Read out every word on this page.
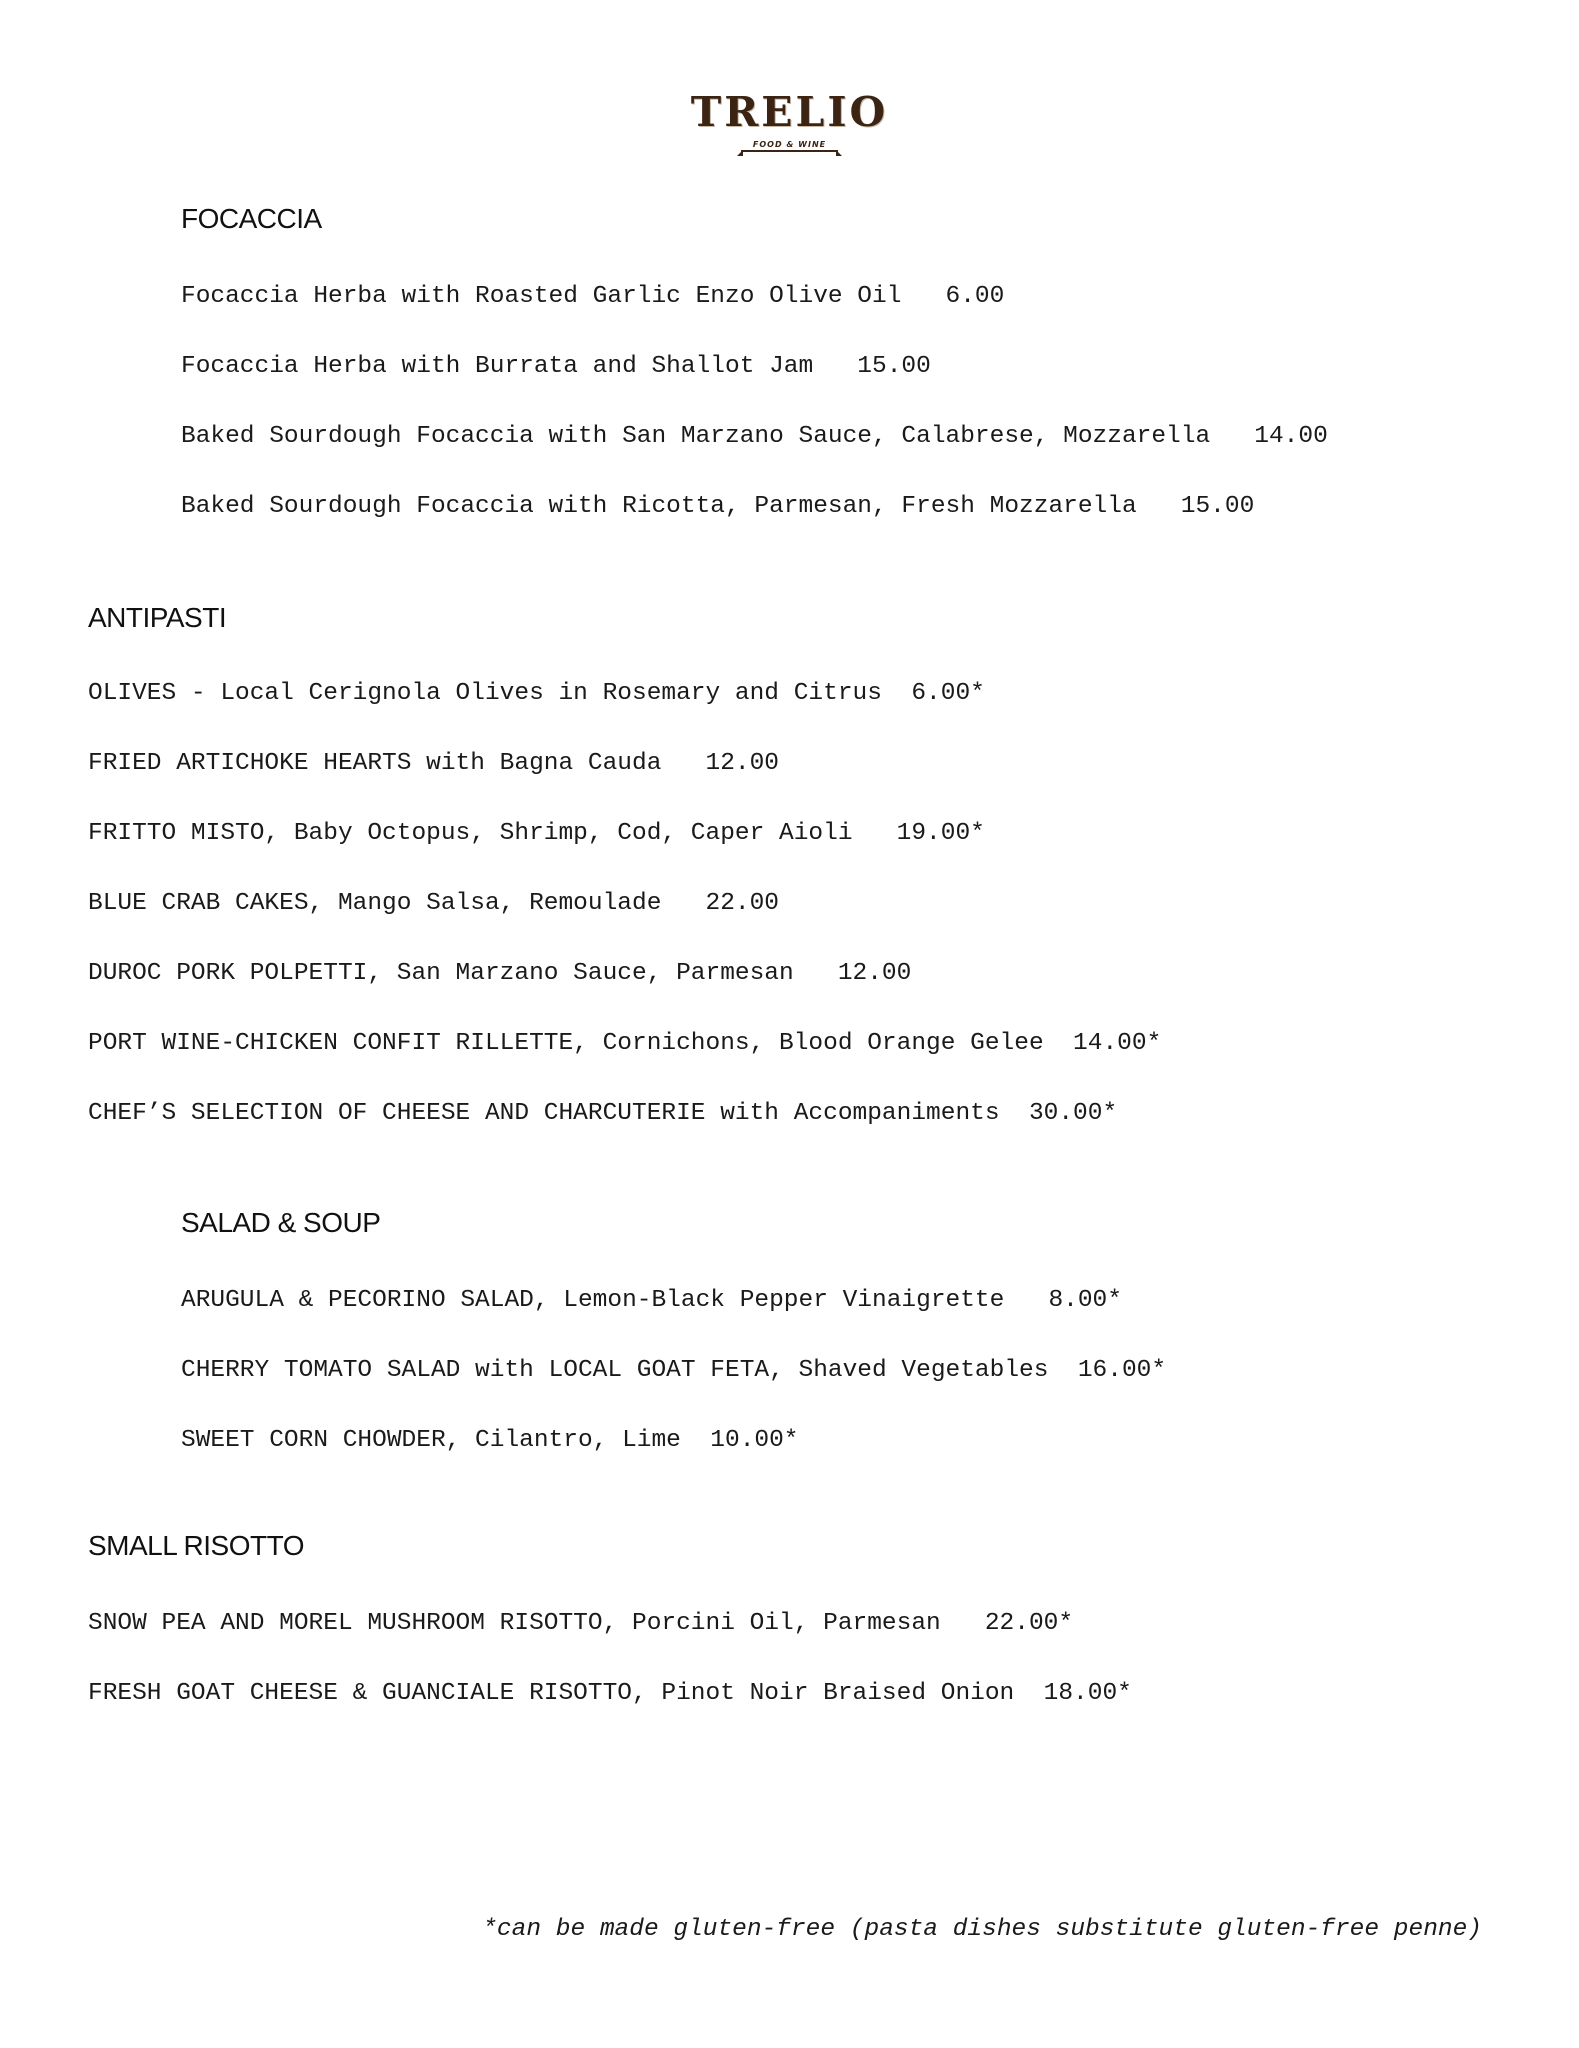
TRELIO
FOOD & WINE
FOCACCIA

Focaccia Herba with Roasted Garlic Enzo Olive Oil   6.00

Focaccia Herba with Burrata and Shallot Jam   15.00

Baked Sourdough Focaccia with San Marzano Sauce, Calabrese, Mozzarella   14.00

Baked Sourdough Focaccia with Ricotta, Parmesan, Fresh Mozzarella   15.00

ANTIPASTI

OLIVES - Local Cerignola Olives in Rosemary and Citrus  6.00*

FRIED ARTICHOKE HEARTS with Bagna Cauda   12.00

FRITTO MISTO, Baby Octopus, Shrimp, Cod, Caper Aioli   19.00*

BLUE CRAB CAKES, Mango Salsa, Remoulade   22.00

DUROC PORK POLPETTI, San Marzano Sauce, Parmesan   12.00

PORT WINE-CHICKEN CONFIT RILLETTE, Cornichons, Blood Orange Gelee  14.00*

CHEF’S SELECTION OF CHEESE AND CHARCUTERIE with Accompaniments  30.00*

SALAD & SOUP

ARUGULA & PECORINO SALAD, Lemon-Black Pepper Vinaigrette   8.00*

CHERRY TOMATO SALAD with LOCAL GOAT FETA, Shaved Vegetables  16.00*

SWEET CORN CHOWDER, Cilantro, Lime  10.00*

SMALL RISOTTO

SNOW PEA AND MOREL MUSHROOM RISOTTO, Porcini Oil, Parmesan   22.00*

FRESH GOAT CHEESE & GUANCIALE RISOTTO, Pinot Noir Braised Onion  18.00*

*can be made gluten-free (pasta dishes substitute gluten-free penne)
